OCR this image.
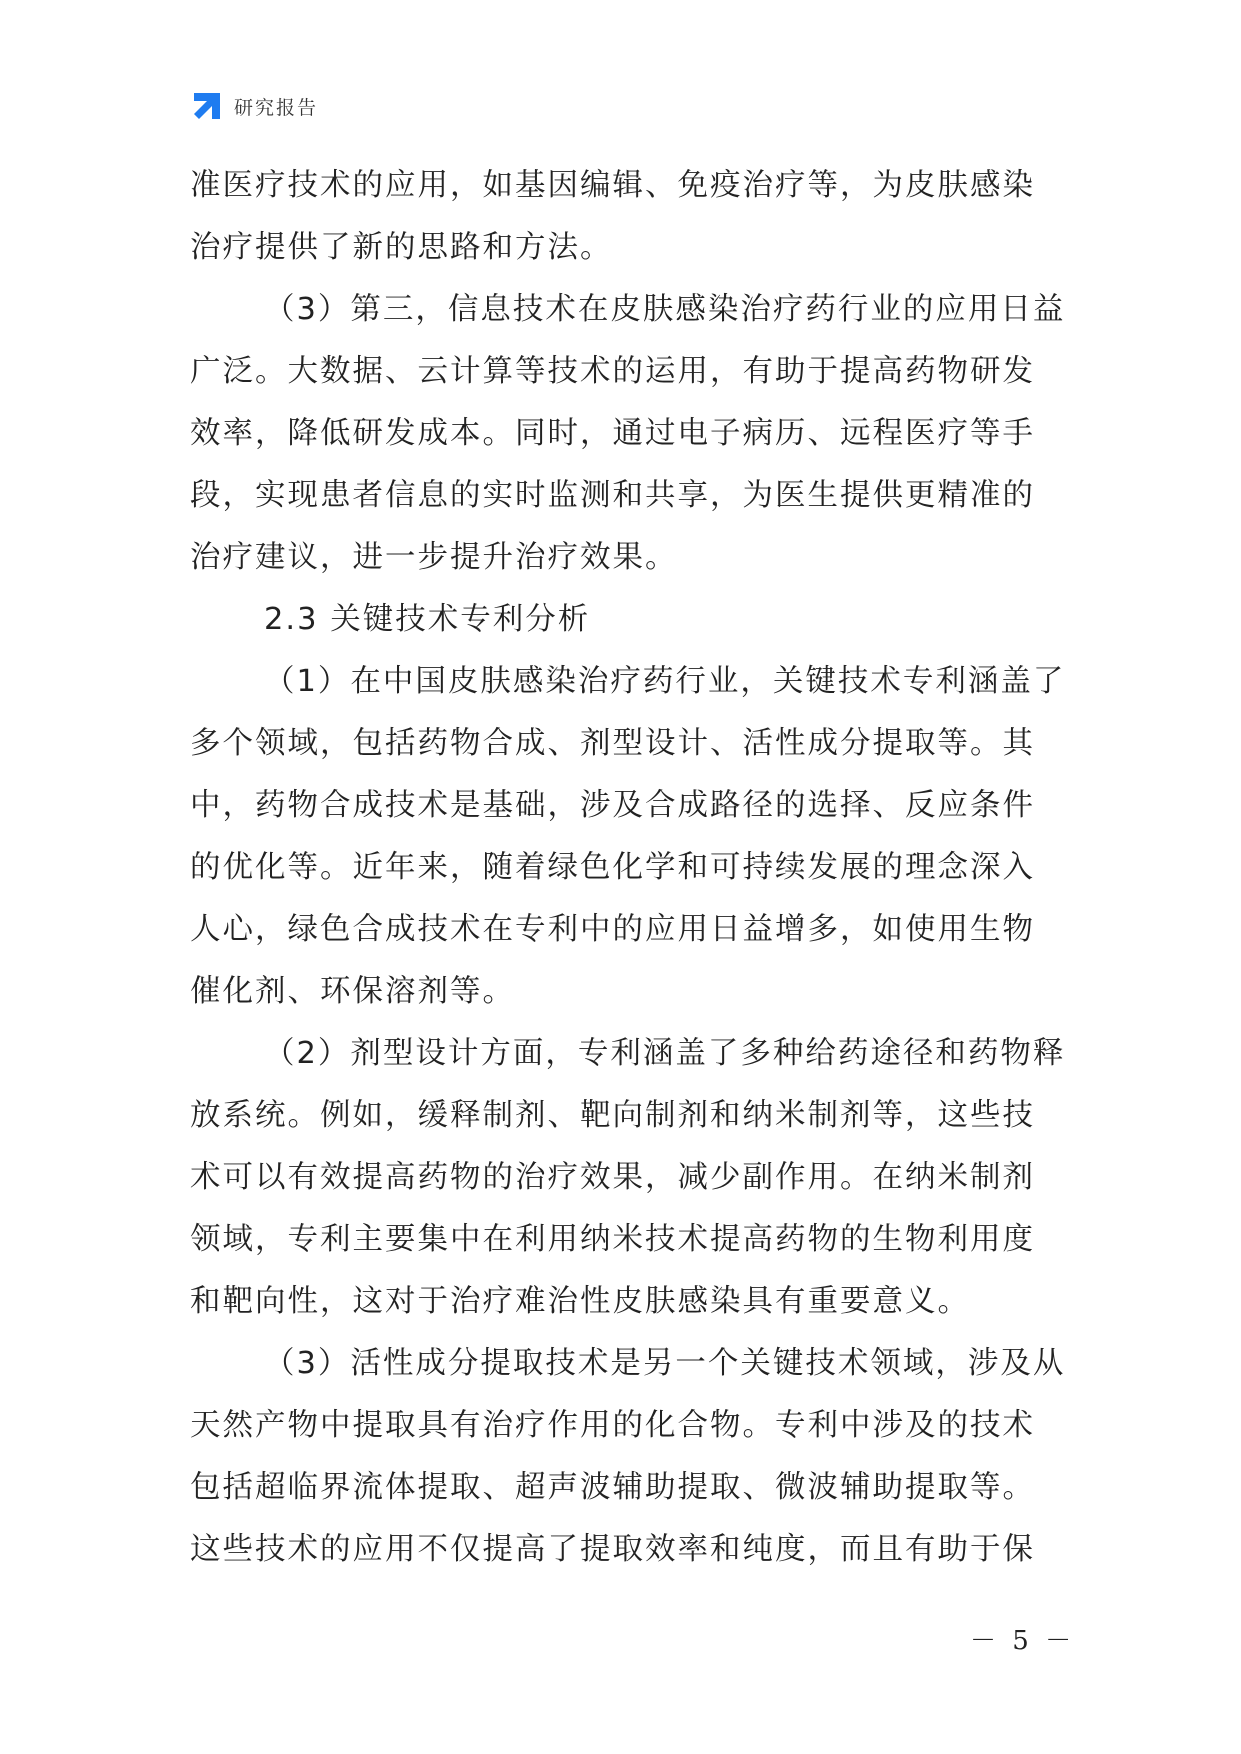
研究报告
准医疗技术的应用，如基因编辑、免疫治疗等，为皮肤感染
治疗提供了新的思路和方法。
（3）第三，信息技术在皮肤感染治疗药行业的应用日益
广泛。大数据、云计算等技术的运用，有助于提高药物研发
效率，降低研发成本。同时，通过电子病历、远程医疗等手
段，实现患者信息的实时监测和共享，为医生提供更精准的
治疗建议，进一步提升治疗效果。
2.3 关键技术专利分析
（1）在中国皮肤感染治疗药行业，关键技术专利涵盖了
多个领域，包括药物合成、剂型设计、活性成分提取等。其
中，药物合成技术是基础，涉及合成路径的选择、反应条件
的优化等。近年来，随着绿色化学和可持续发展的理念深入
人心，绿色合成技术在专利中的应用日益增多，如使用生物
催化剂、环保溶剂等。
（2）剂型设计方面，专利涵盖了多种给药途径和药物释
放系统。例如，缓释制剂、靶向制剂和纳米制剂等，这些技
术可以有效提高药物的治疗效果，减少副作用。在纳米制剂
领域，专利主要集中在利用纳米技术提高药物的生物利用度
和靶向性，这对于治疗难治性皮肤感染具有重要意义。
（3）活性成分提取技术是另一个关键技术领域，涉及从
天然产物中提取具有治疗作用的化合物。专利中涉及的技术
包括超临界流体提取、超声波辅助提取、微波辅助提取等。
这些技术的应用不仅提高了提取效率和纯度，而且有助于保
－ 5 －
